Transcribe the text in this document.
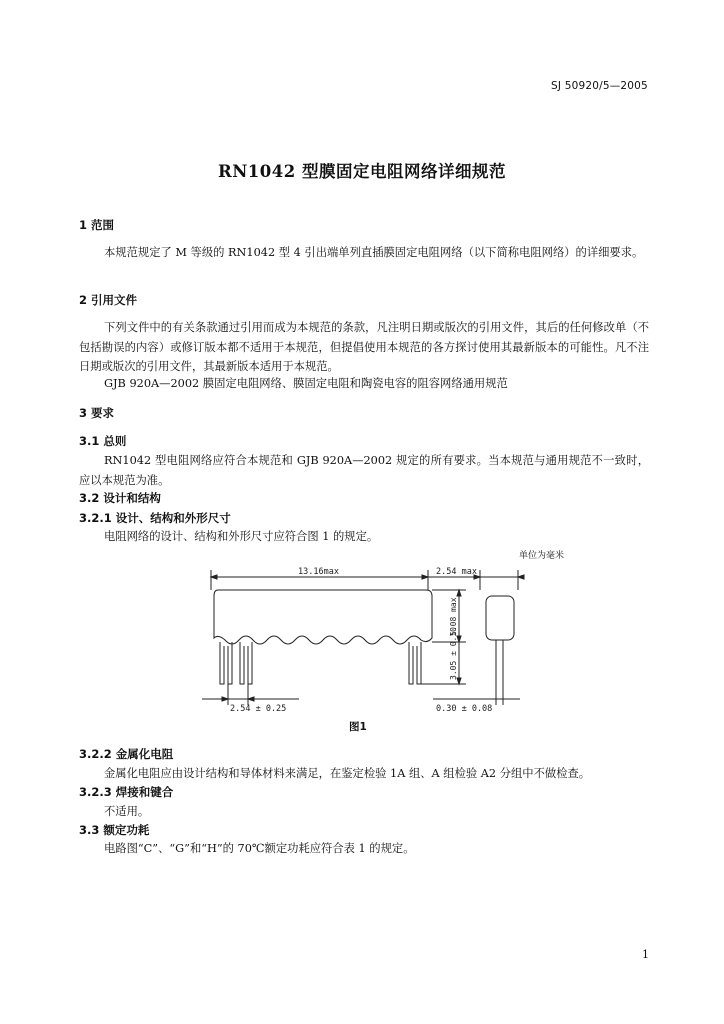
SJ 50920/5—2005
RN1042 型膜固定电阻网络详细规范
1 范围
本规范规定了 M 等级的 RN1042 型 4 引出端单列直插膜固定电阻网络（以下简称电阻网络）的详细要求。
2 引用文件
下列文件中的有关条款通过引用而成为本规范的条款，凡注明日期或版次的引用文件，其后的任何修改单（不包括勘误的内容）或修订版本都不适用于本规范，但提倡使用本规范的各方探讨使用其最新版本的可能性。凡不注日期或版次的引用文件，其最新版本适用于本规范。
GJB 920A—2002 膜固定电阻网络、膜固定电阻和陶瓷电容的阻容网络通用规范
3 要求
3.1 总则
RN1042 型电阻网络应符合本规范和 GJB 920A—2002 规定的所有要求。当本规范与通用规范不一致时，应以本规范为准。
3.2 设计和结构
3.2.1 设计、结构和外形尺寸
电阻网络的设计、结构和外形尺寸应符合图 1 的规定。
单位为毫米
13.16max	2.54 max
5.08 max
3.05 ± 0.10
2.54 ± 0.25	0.30 ± 0.08
图1
3.2.2 金属化电阻
金属化电阻应由设计结构和导体材料来满足，在鉴定检验 1A 组、A 组检验 A2 分组中不做检查。
3.2.3 焊接和键合
不适用。
3.3 额定功耗
电路图“C”、“G”和“H”的 70℃额定功耗应符合表 1 的规定。
1
